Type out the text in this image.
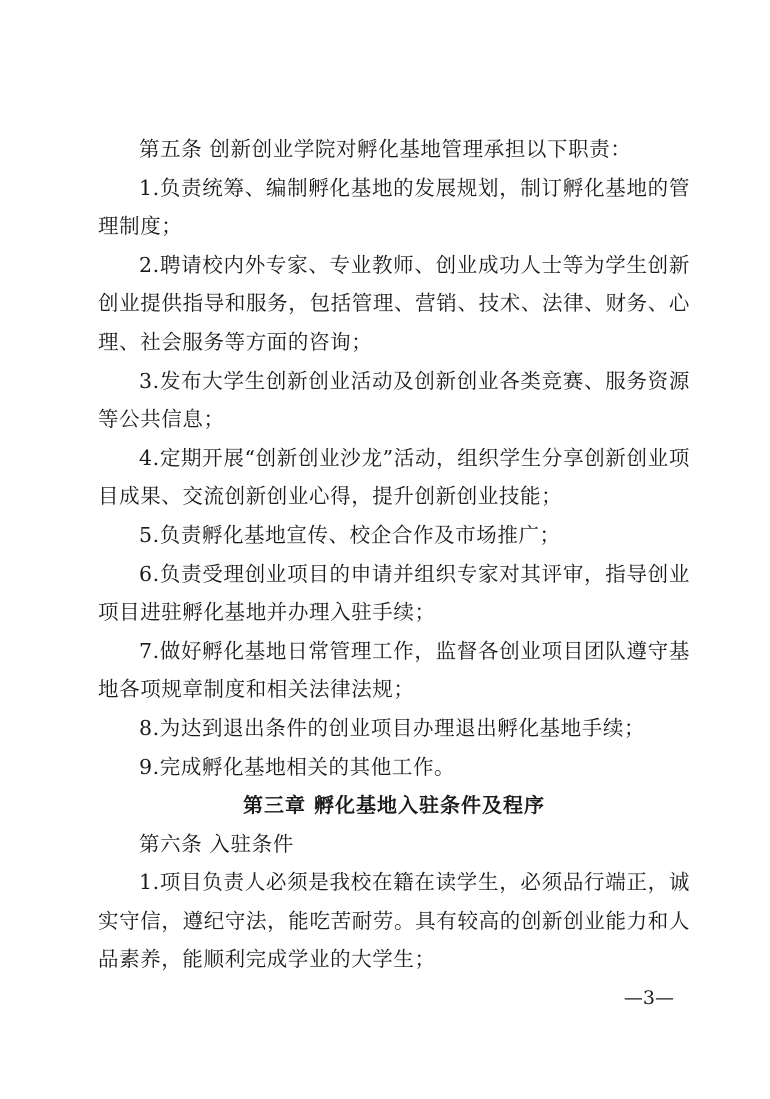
第五条 创新创业学院对孵化基地管理承担以下职责：

1.负责统筹、编制孵化基地的发展规划，制订孵化基地的管理制度；

2.聘请校内外专家、专业教师、创业成功人士等为学生创新创业提供指导和服务，包括管理、营销、技术、法律、财务、心理、社会服务等方面的咨询；

3.发布大学生创新创业活动及创新创业各类竞赛、服务资源等公共信息；

4.定期开展“创新创业沙龙”活动，组织学生分享创新创业项目成果、交流创新创业心得，提升创新创业技能；

5.负责孵化基地宣传、校企合作及市场推广；

6.负责受理创业项目的申请并组织专家对其评审，指导创业项目进驻孵化基地并办理入驻手续；

7.做好孵化基地日常管理工作，监督各创业项目团队遵守基地各项规章制度和相关法律法规；

8.为达到退出条件的创业项目办理退出孵化基地手续；

9.完成孵化基地相关的其他工作。

第三章 孵化基地入驻条件及程序

第六条 入驻条件

1.项目负责人必须是我校在籍在读学生，必须品行端正，诚实守信，遵纪守法，能吃苦耐劳。具有较高的创新创业能力和人品素养，能顺利完成学业的大学生；

—3—
